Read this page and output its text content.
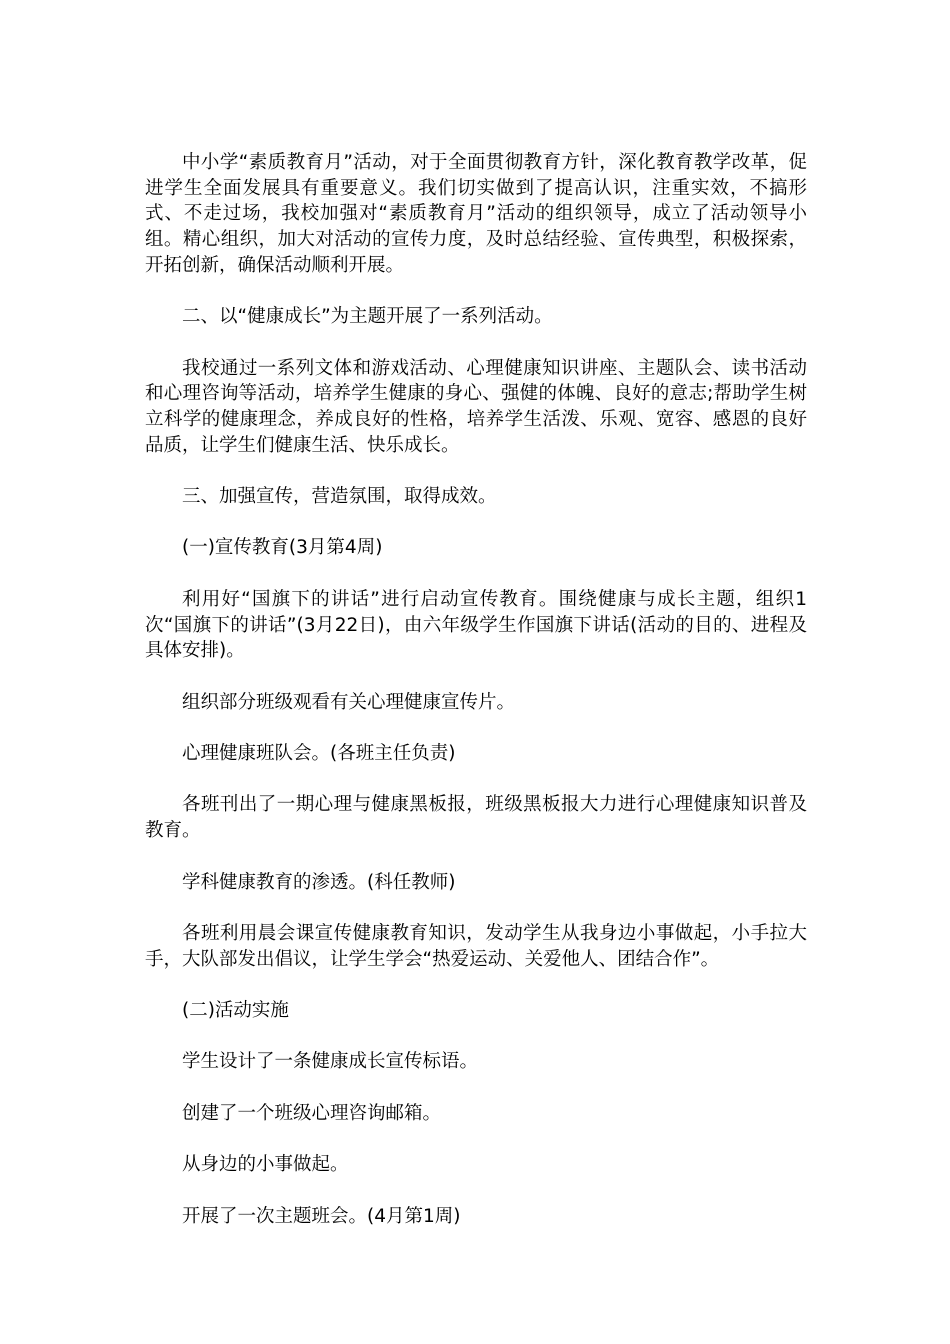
中小学“素质教育月”活动，对于全面贯彻教育方针，深化教育教学改革，促进学生全面发展具有重要意义。我们切实做到了提高认识，注重实效，不搞形式、不走过场，我校加强对“素质教育月”活动的组织领导，成立了活动领导小组。精心组织，加大对活动的宣传力度，及时总结经验、宣传典型，积极探索，开拓创新，确保活动顺利开展。

二、以“健康成长”为主题开展了一系列活动。

我校通过一系列文体和游戏活动、心理健康知识讲座、主题队会、读书活动和心理咨询等活动，培养学生健康的身心、强健的体魄、良好的意志;帮助学生树立科学的健康理念，养成良好的性格，培养学生活泼、乐观、宽容、感恩的良好品质，让学生们健康生活、快乐成长。

三、加强宣传，营造氛围，取得成效。

(一)宣传教育(3月第4周)

利用好“国旗下的讲话”进行启动宣传教育。围绕健康与成长主题，组织1次“国旗下的讲话”(3月22日)，由六年级学生作国旗下讲话(活动的目的、进程及具体安排)。

组织部分班级观看有关心理健康宣传片。

心理健康班队会。(各班主任负责)

各班刊出了一期心理与健康黑板报，班级黑板报大力进行心理健康知识普及教育。

学科健康教育的渗透。(科任教师)

各班利用晨会课宣传健康教育知识，发动学生从我身边小事做起，小手拉大手，大队部发出倡议，让学生学会“热爱运动、关爱他人、团结合作”。

(二)活动实施

学生设计了一条健康成长宣传标语。

创建了一个班级心理咨询邮箱。

从身边的小事做起。

开展了一次主题班会。(4月第1周)
